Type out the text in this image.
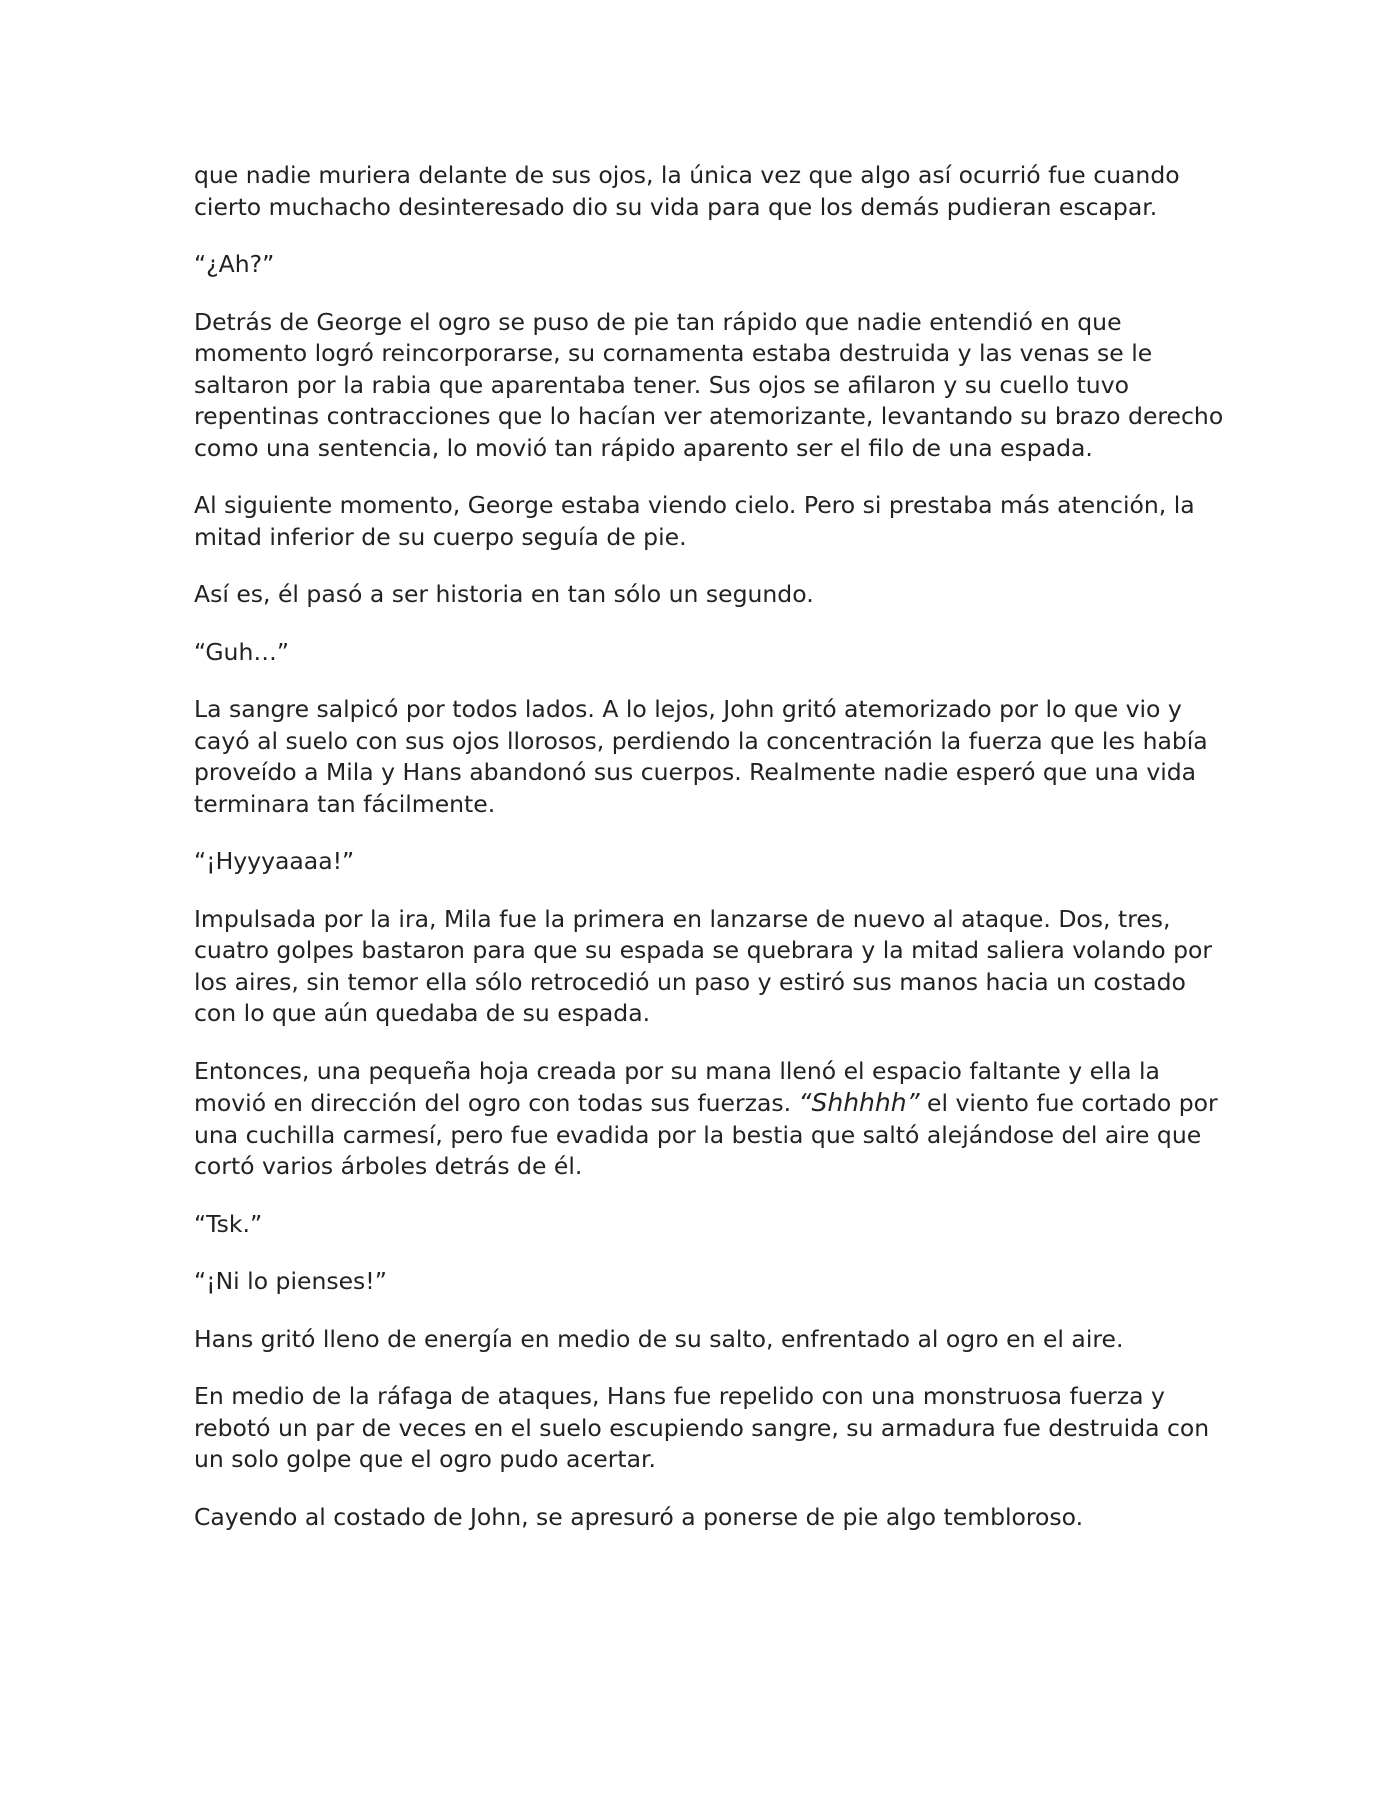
que nadie muriera delante de sus ojos, la única vez que algo así ocurrió fue cuando cierto muchacho desinteresado dio su vida para que los demás pudieran escapar.

“¿Ah?”

Detrás de George el ogro se puso de pie tan rápido que nadie entendió en que momento logró reincorporarse, su cornamenta estaba destruida y las venas se le saltaron por la rabia que aparentaba tener. Sus ojos se afilaron y su cuello tuvo repentinas contracciones que lo hacían ver atemorizante, levantando su brazo derecho como una sentencia, lo movió tan rápido aparento ser el filo de una espada.

Al siguiente momento, George estaba viendo cielo. Pero si prestaba más atención, la mitad inferior de su cuerpo seguía de pie.

Así es, él pasó a ser historia en tan sólo un segundo.

“Guh…”

La sangre salpicó por todos lados. A lo lejos, John gritó atemorizado por lo que vio y cayó al suelo con sus ojos llorosos, perdiendo la concentración la fuerza que les había proveído a Mila y Hans abandonó sus cuerpos. Realmente nadie esperó que una vida terminara tan fácilmente.

“¡Hyyyaaaa!”

Impulsada por la ira, Mila fue la primera en lanzarse de nuevo al ataque. Dos, tres, cuatro golpes bastaron para que su espada se quebrara y la mitad saliera volando por los aires, sin temor ella sólo retrocedió un paso y estiró sus manos hacia un costado con lo que aún quedaba de su espada.

Entonces, una pequeña hoja creada por su mana llenó el espacio faltante y ella la movió en dirección del ogro con todas sus fuerzas. “Shhhhh” el viento fue cortado por una cuchilla carmesí, pero fue evadida por la bestia que saltó alejándose del aire que cortó varios árboles detrás de él.

“Tsk.”

“¡Ni lo pienses!”

Hans gritó lleno de energía en medio de su salto, enfrentado al ogro en el aire.

En medio de la ráfaga de ataques, Hans fue repelido con una monstruosa fuerza y rebotó un par de veces en el suelo escupiendo sangre, su armadura fue destruida con un solo golpe que el ogro pudo acertar.

Cayendo al costado de John, se apresuró a ponerse de pie algo tembloroso.
